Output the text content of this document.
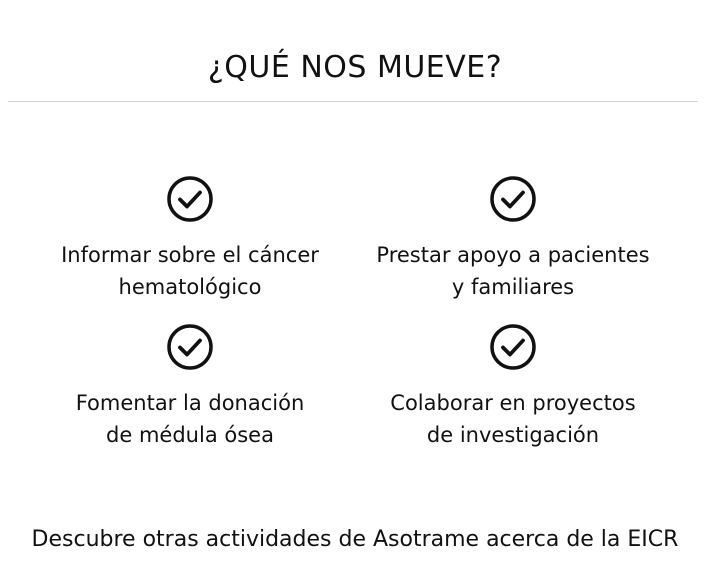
¿QUÉ NOS MUEVE?
Informar sobre el cáncer
hematológico
Prestar apoyo a pacientes
y familiares
Fomentar la donación
de médula ósea
Colaborar en proyectos
de investigación
Descubre otras actividades de Asotrame acerca de la EICR
